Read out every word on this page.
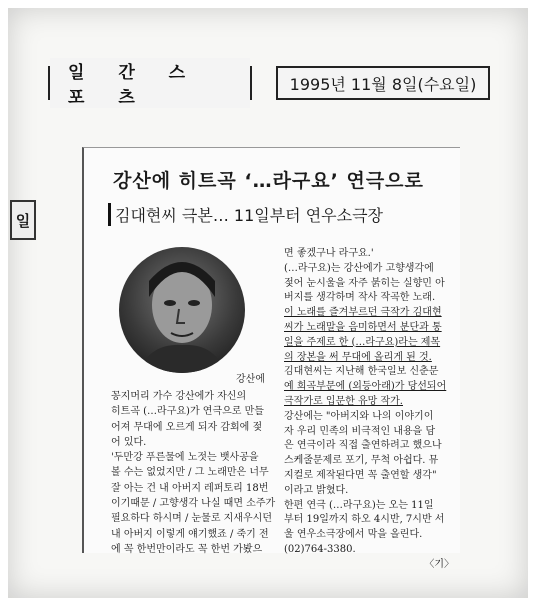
일 간 스 포 츠
1995년 11월 8일(수요일)
일
강산에 히트곡 ‘…라구요’ 연극으로
김대현씨 극본… 11일부터 연우소극장
강산에

꽁지머리 가수 강산에가 자신의

히트곡 (…라구요)가 연극으로 만들

어져 무대에 오르게 되자 감회에 젖

어 있다.

'두만강 푸른물에 노젓는 뱃사공을

볼 수는 없었지만 / 그 노래만은 너무

잘 아는 건 내 아버지 레퍼토리 18번

이기때문 / 고향생각 나실 때면 소주가

필요하다 하시며 / 눈물로 지새우시던

내 아버지 이렇게 얘기했죠 / 죽기 전

에 꼭 한번만이라도 꼭 한번 가봤으

면 좋겠구나 라구요.'

(…라구요)는 강산에가 고향생각에

젖어 눈시울을 자주 붉히는 실향민 아

버지를 생각하며 작사 작곡한 노래.

이 노래를 즐겨부르던 극작가 김대현

씨가 노래말을 음미하면서 분단과 통

일을 주제로 한 (…라구요)라는 제목

의 장본을 써 무대에 올리게 된 것.

김대현씨는 지난해 한국일보 신춘문

예 희곡부문에 (외등아래)가 당선되어

극작가로 입문한 유망 작가.

강산에는 "아버지와 나의 이야기이

자 우리 민족의 비극적인 내용을 담

은 연극이라 직접 출연하려고 했으나

스케줄문제로 포기, 무척 아쉽다. 뮤

지컬로 제작된다면 꼭 출연할 생각"

이라고 밝혔다.

한편 연극 (…라구요)는 오는 11일

부터 19일까지 하오 4시반, 7시반 서

울 연우소극장에서 막을 올린다.

(02)764-3380.

〈기〉
